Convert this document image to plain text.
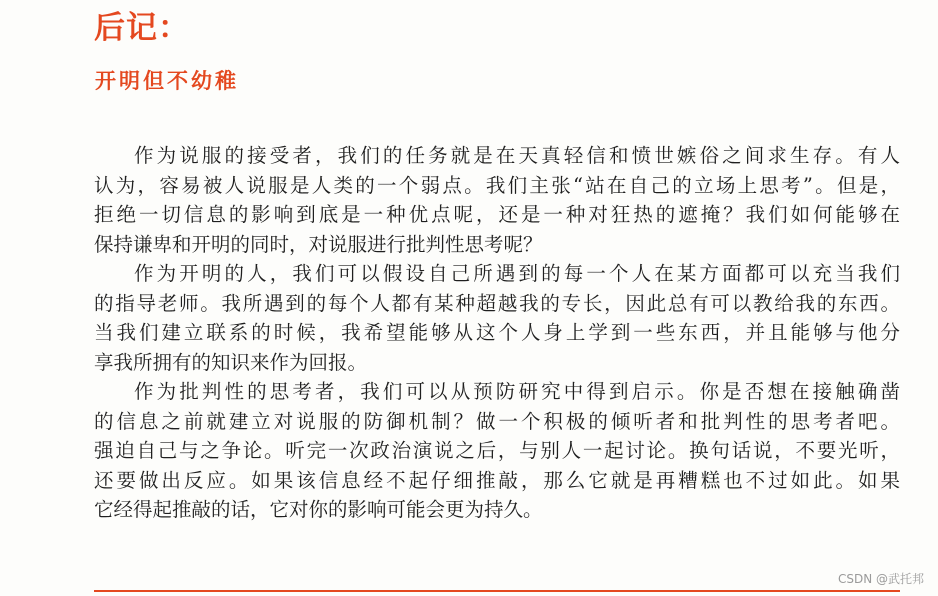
后记：
开明但不幼稚
作为说服的接受者，我们的任务就是在天真轻信和愤世嫉俗之间求生存。有人
认为，容易被人说服是人类的一个弱点。我们主张“站在自己的立场上思考”。但是，
拒绝一切信息的影响到底是一种优点呢，还是一种对狂热的遮掩？我们如何能够在
保持谦卑和开明的同时，对说服进行批判性思考呢？
作为开明的人，我们可以假设自己所遇到的每一个人在某方面都可以充当我们
的指导老师。我所遇到的每个人都有某种超越我的专长，因此总有可以教给我的东西。
当我们建立联系的时候，我希望能够从这个人身上学到一些东西，并且能够与他分
享我所拥有的知识来作为回报。
作为批判性的思考者，我们可以从预防研究中得到启示。你是否想在接触确凿
的信息之前就建立对说服的防御机制？做一个积极的倾听者和批判性的思考者吧。
强迫自己与之争论。听完一次政治演说之后，与别人一起讨论。换句话说，不要光听，
还要做出反应。如果该信息经不起仔细推敲，那么它就是再糟糕也不过如此。如果
它经得起推敲的话，它对你的影响可能会更为持久。
CSDN @武托邦
